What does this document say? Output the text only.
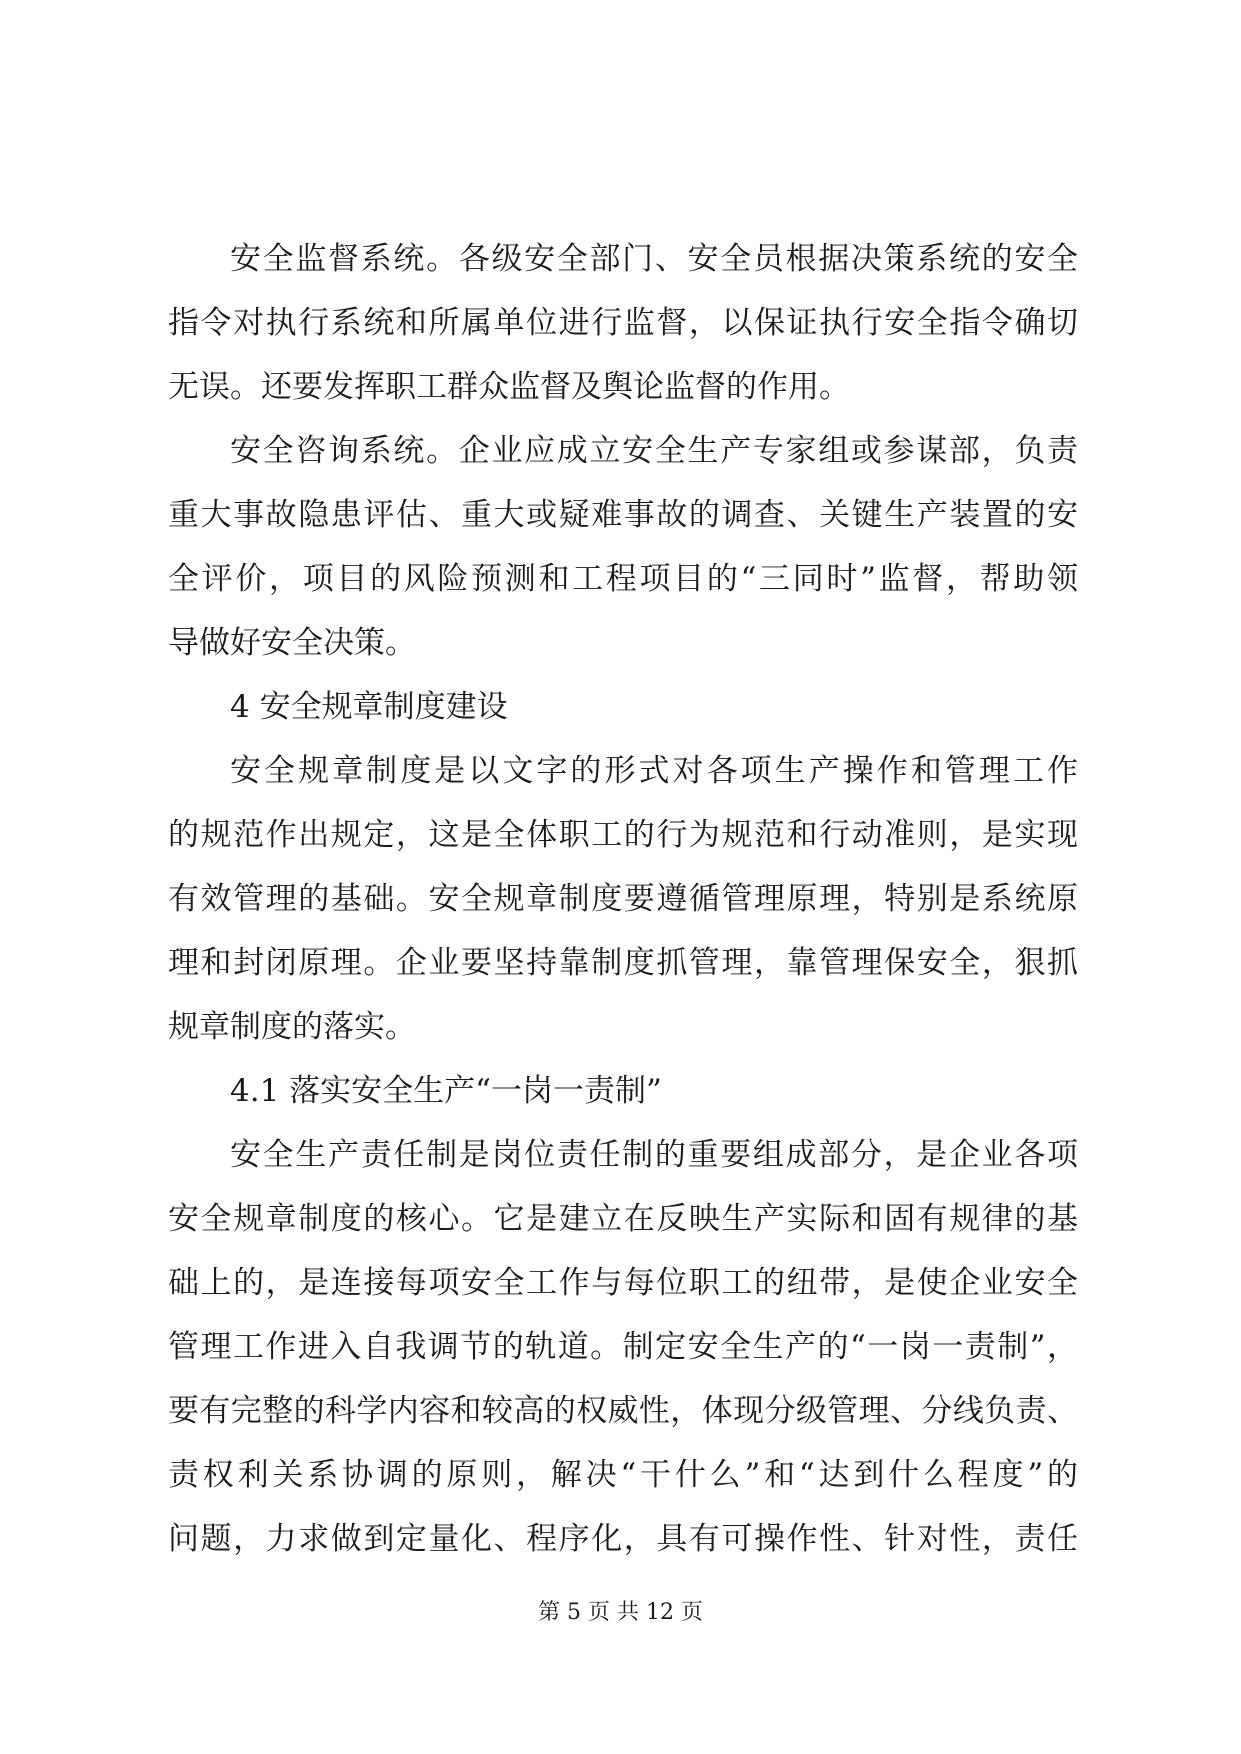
安全监督系统。各级安全部门、安全员根据决策系统的安全
指令对执行系统和所属单位进行监督，以保证执行安全指令确切
无误。还要发挥职工群众监督及舆论监督的作用。
安全咨询系统。企业应成立安全生产专家组或参谋部，负责
重大事故隐患评估、重大或疑难事故的调查、关键生产装置的安
全评价，项目的风险预测和工程项目的“三同时”监督，帮助领
导做好安全决策。
4 安全规章制度建设
安全规章制度是以文字的形式对各项生产操作和管理工作
的规范作出规定，这是全体职工的行为规范和行动准则，是实现
有效管理的基础。安全规章制度要遵循管理原理，特别是系统原
理和封闭原理。企业要坚持靠制度抓管理，靠管理保安全，狠抓
规章制度的落实。
4.1 落实安全生产“一岗一责制”
安全生产责任制是岗位责任制的重要组成部分，是企业各项
安全规章制度的核心。它是建立在反映生产实际和固有规律的基
础上的，是连接每项安全工作与每位职工的纽带，是使企业安全
管理工作进入自我调节的轨道。制定安全生产的“一岗一责制”，
要有完整的科学内容和较高的权威性，体现分级管理、分线负责、
责权利关系协调的原则，解决“干什么”和“达到什么程度”的
问题，力求做到定量化、程序化，具有可操作性、针对性，责任
第 5 页 共 12 页
